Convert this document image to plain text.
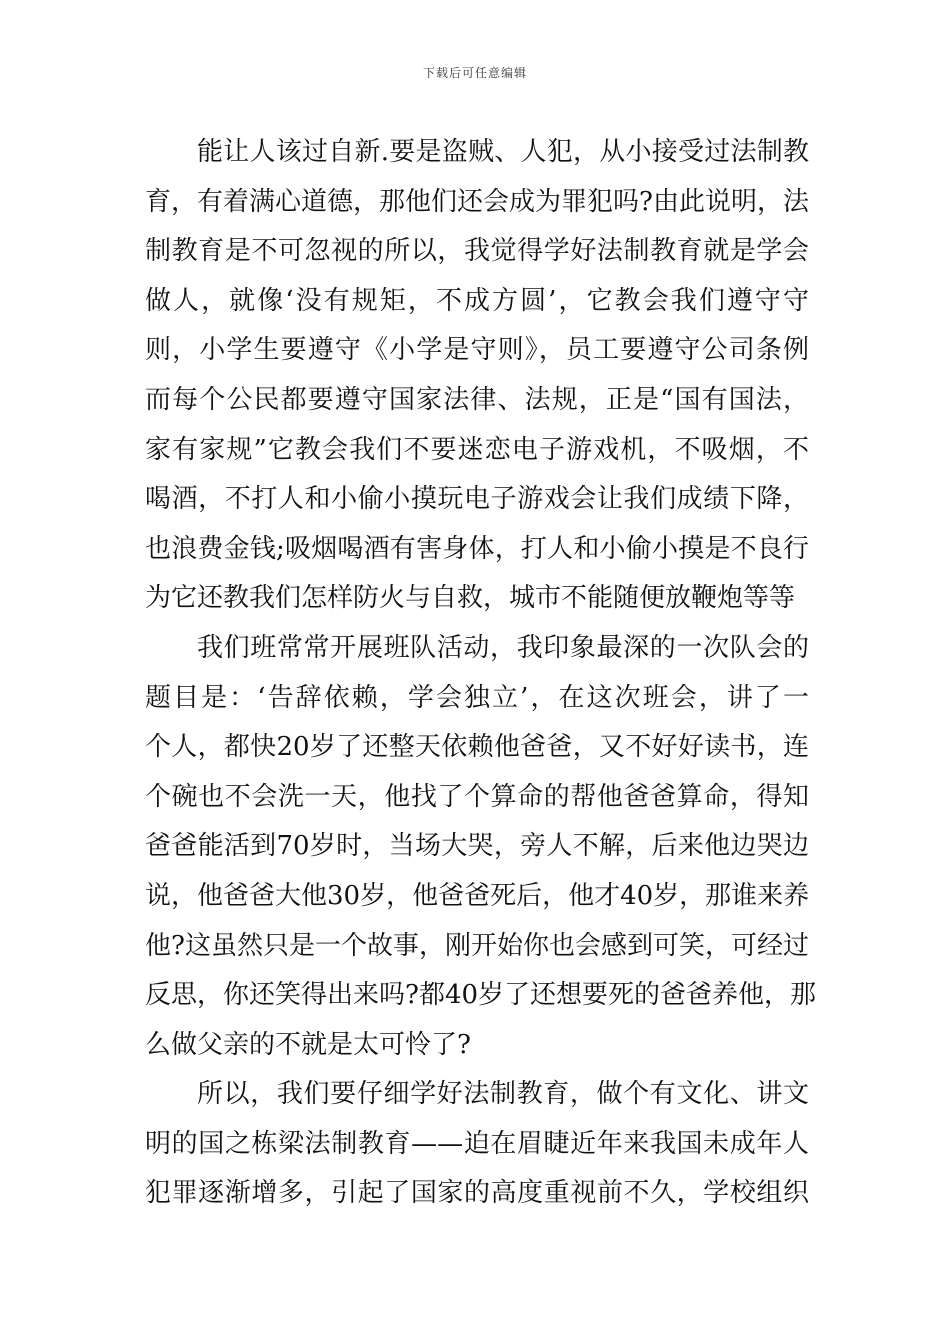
下载后可任意编辑
能让人该过自新.要是盗贼、人犯，从小接受过法制教
育，有着满心道德，那他们还会成为罪犯吗?由此说明，法
制教育是不可忽视的所以，我觉得学好法制教育就是学会
做人，就像‘没有规矩，不成方圆’，它教会我们遵守守
则，小学生要遵守《小学是守则》，员工要遵守公司条例
而每个公民都要遵守国家法律、法规，正是“国有国法，
家有家规”它教会我们不要迷恋电子游戏机，不吸烟，不
喝酒，不打人和小偷小摸玩电子游戏会让我们成绩下降，
也浪费金钱;吸烟喝酒有害身体，打人和小偷小摸是不良行
为它还教我们怎样防火与自救，城市不能随便放鞭炮等等
我们班常常开展班队活动，我印象最深的一次队会的
题目是：‘告辞依赖，学会独立’，在这次班会，讲了一
个人，都快20岁了还整天依赖他爸爸，又不好好读书，连
个碗也不会洗一天，他找了个算命的帮他爸爸算命，得知
爸爸能活到70岁时，当场大哭，旁人不解，后来他边哭边
说，他爸爸大他30岁，他爸爸死后，他才40岁，那谁来养
他?这虽然只是一个故事，刚开始你也会感到可笑，可经过
反思，你还笑得出来吗?都40岁了还想要死的爸爸养他，那
么做父亲的不就是太可怜了?
所以，我们要仔细学好法制教育，做个有文化、讲文
明的国之栋梁法制教育——迫在眉睫近年来我国未成年人
犯罪逐渐增多，引起了国家的高度重视前不久，学校组织
